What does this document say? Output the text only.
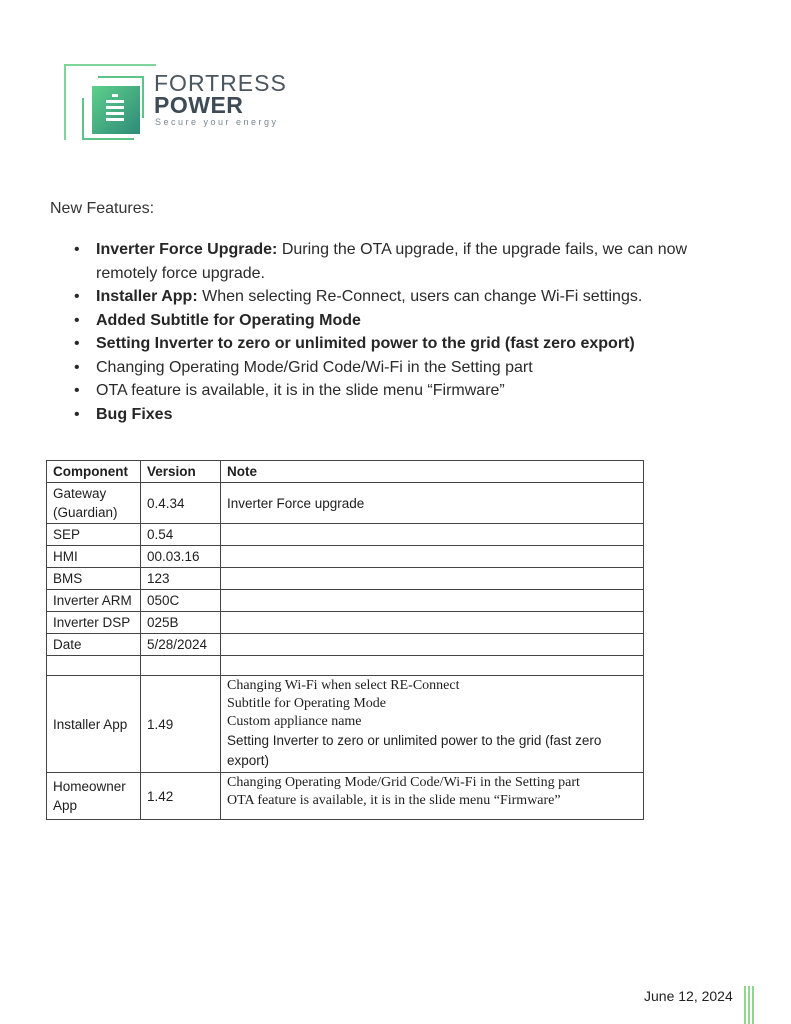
FORTRESS
POWER
Secure your energy
New Features:
• Inverter Force Upgrade: During the OTA upgrade, if the upgrade fails, we can now remotely force upgrade.
• Installer App: When selecting Re-Connect, users can change Wi-Fi settings.
• Added Subtitle for Operating Mode
• Setting Inverter to zero or unlimited power to the grid (fast zero export)
• Changing Operating Mode/Grid Code/Wi-Fi in the Setting part
• OTA feature is available, it is in the slide menu “Firmware”
• Bug Fixes
Component	Version	Note
Gateway (Guardian)	0.4.34	Inverter Force upgrade
SEP	0.54	
HMI	00.03.16	
BMS	123	
Inverter ARM	050C	
Inverter DSP	025B	
Date	5/28/2024	

Installer App	1.49	Changing Wi-Fi when select RE-Connect
Subtitle for Operating Mode
Custom appliance name
Setting Inverter to zero or unlimited power to the grid (fast zero export)

Homeowner App	1.42	Changing Operating Mode/Grid Code/Wi-Fi in the Setting part
OTA feature is available, it is in the slide menu “Firmware”
June 12, 2024
